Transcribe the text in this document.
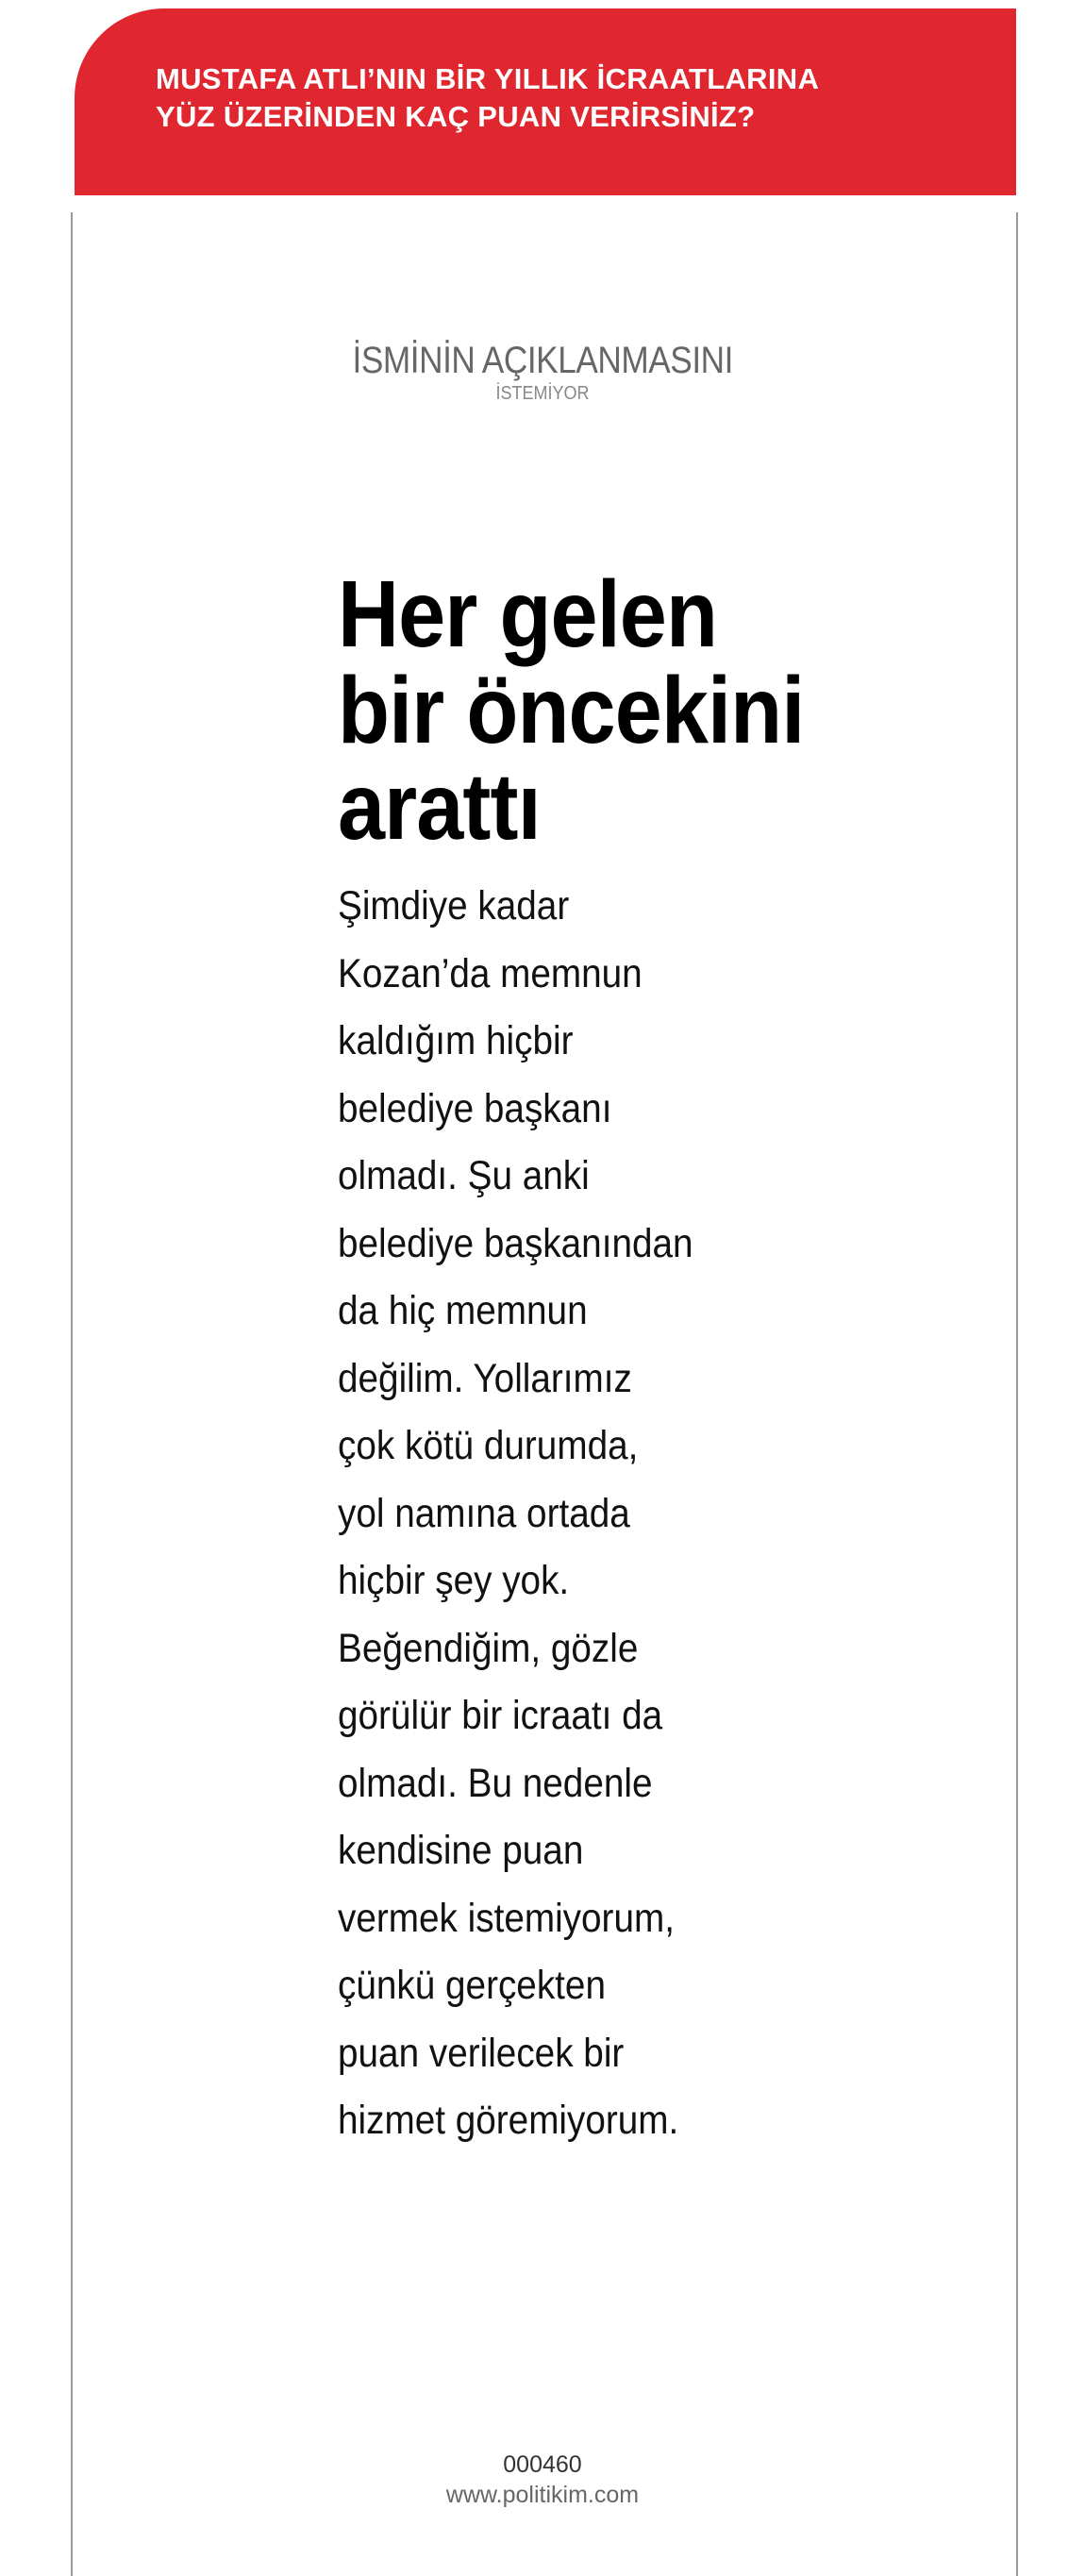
MUSTAFA ATLI’NIN BİR YILLIK İCRAATLARINA
YÜZ ÜZERİNDEN KAÇ PUAN VERİRSİNİZ?
İSMİNİN AÇIKLANMASINI
İSTEMİYOR
Her gelen
bir öncekini
arattı
Şimdiye kadar
Kozan’da memnun
kaldığım hiçbir
belediye başkanı
olmadı. Şu anki
belediye başkanından
da hiç memnun
değilim. Yollarımız
çok kötü durumda,
yol namına ortada
hiçbir şey yok.
Beğendiğim, gözle
görülür bir icraatı da
olmadı. Bu nedenle
kendisine puan
vermek istemiyorum,
çünkü gerçekten
puan verilecek bir
hizmet göremiyorum.
000460
www.politikim.com
